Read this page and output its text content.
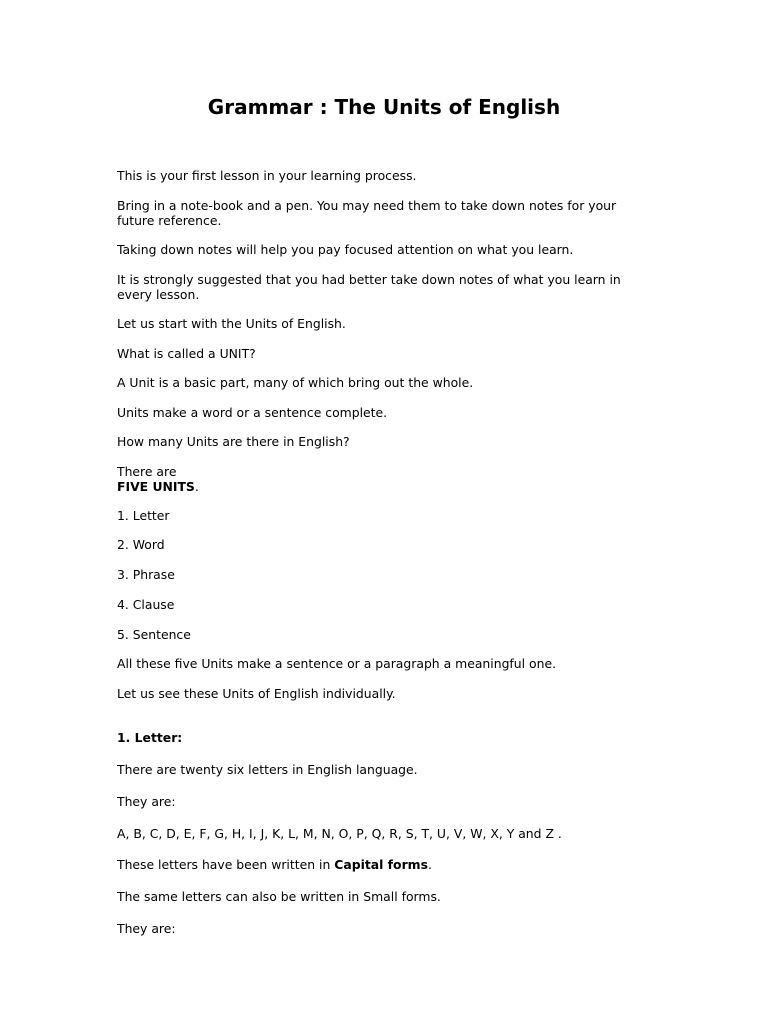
Grammar : The Units of English

This is your first lesson in your learning process.

Bring in a note-book and a pen. You may need them to take down notes for your
future reference.

Taking down notes will help you pay focused attention on what you learn.

It is strongly suggested that you had better take down notes of what you learn in
every lesson.

Let us start with the Units of English.

What is called a UNIT?

A Unit is a basic part, many of which bring out the whole.

Units make a word or a sentence complete.

How many Units are there in English?

There are
FIVE UNITS.

1. Letter

2. Word

3. Phrase

4. Clause

5. Sentence

All these five Units make a sentence or a paragraph a meaningful one.

Let us see these Units of English individually.

1. Letter:

There are twenty six letters in English language.

They are:

A, B, C, D, E, F, G, H, I, J, K, L, M, N, O, P, Q, R, S, T, U, V, W, X, Y and Z .

These letters have been written in Capital forms.

The same letters can also be written in Small forms.

They are:
